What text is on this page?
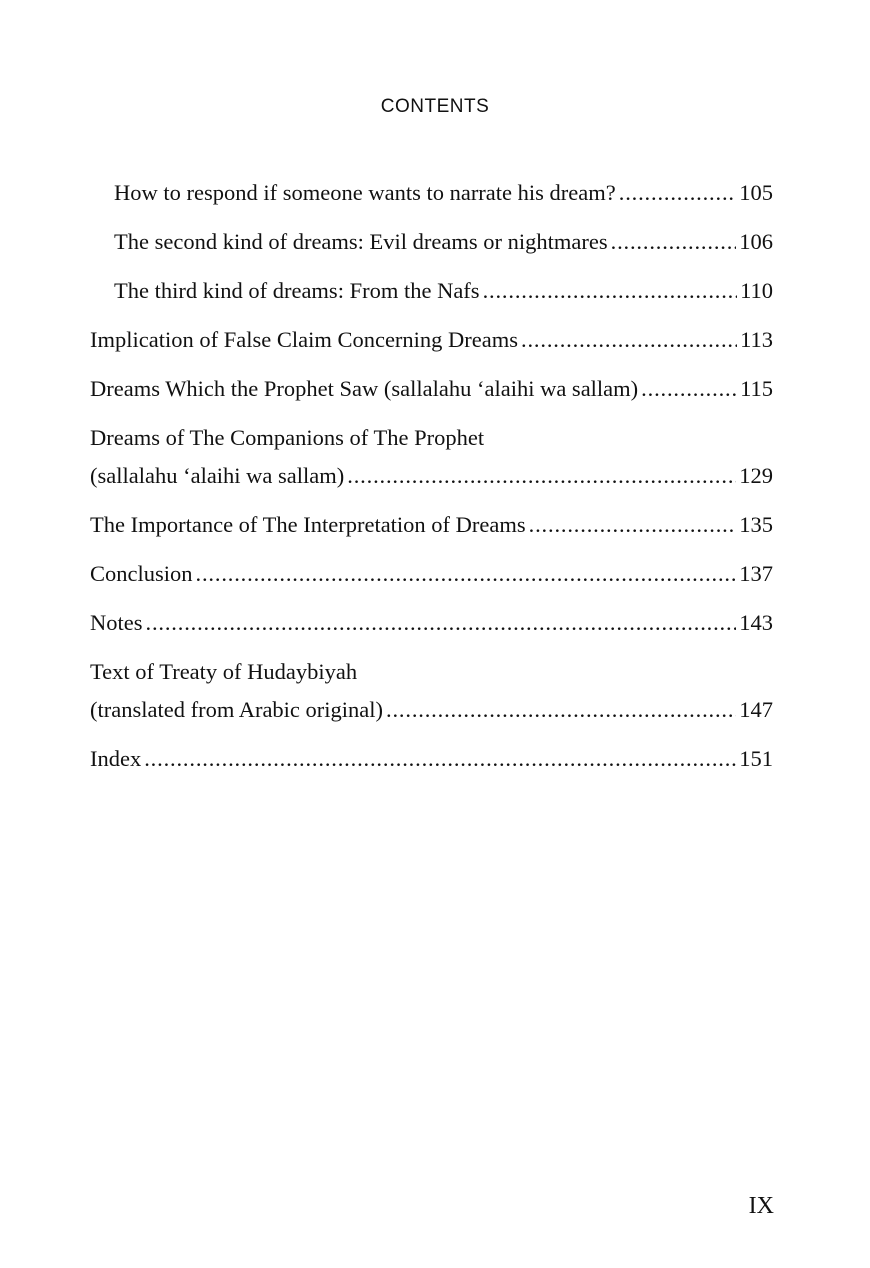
CONTENTS
How to respond if someone wants to narrate his dream? . . .	105
The second kind of dreams: Evil dreams or nightmares . . .	106
The third kind of dreams: From the Nafs . . .	110
Implication of False Claim Concerning Dreams . . .	113
Dreams Which the Prophet Saw (sallalahu ‘alaihi wa sallam) . . .	115
Dreams of The Companions of The Prophet
(sallalahu ‘alaihi wa sallam) . . .	129
The Importance of The Interpretation of Dreams . . .	135
Conclusion . . .	137
Notes . . .	143
Text of Treaty of Hudaybiyah
(translated from Arabic original) . . .	147
Index . . .	151
IX
